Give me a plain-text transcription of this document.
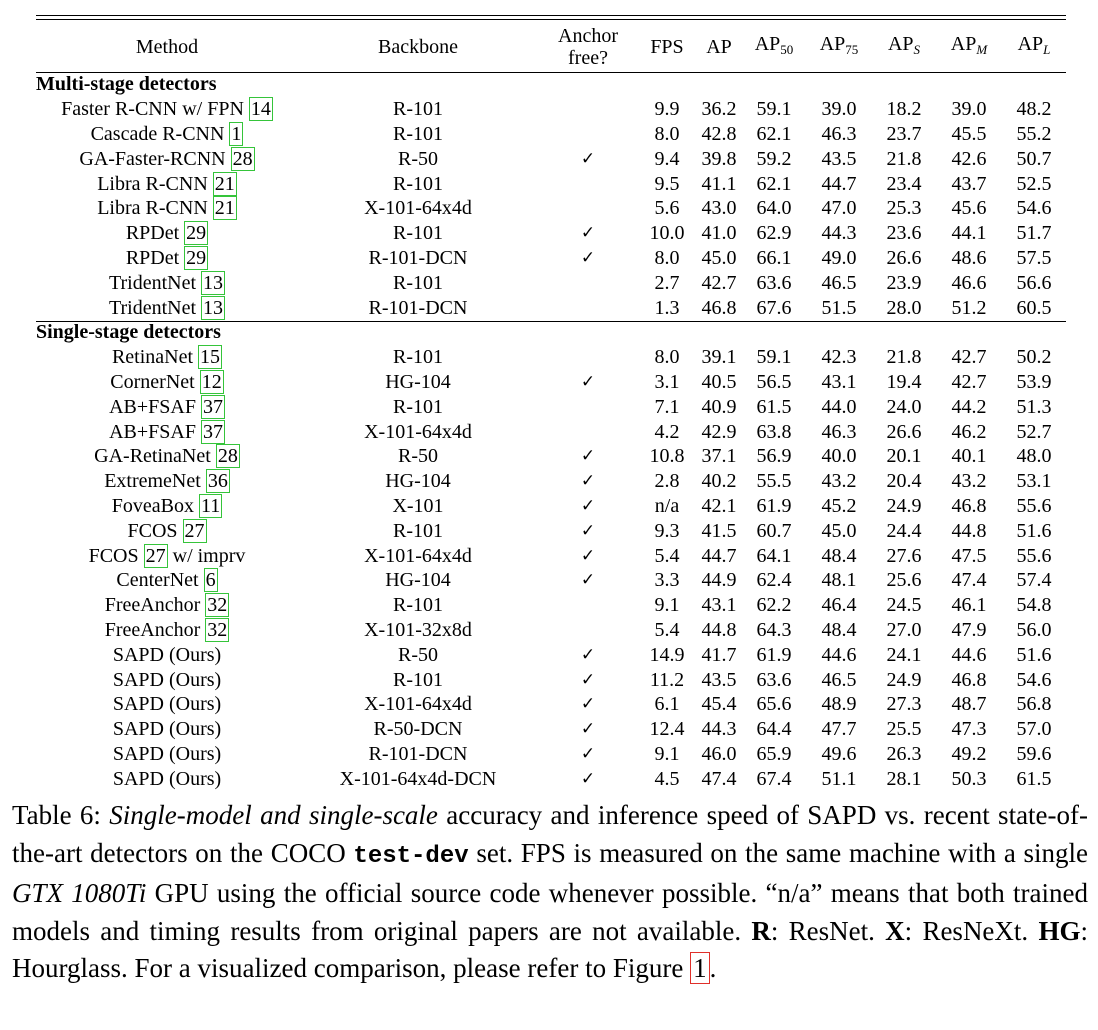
Method	Backbone	Anchor
free?	FPS	AP	$AP_{50}$	$AP_{75}$	$AP_S$	$AP_M$	$AP_L$
Multi-stage detectors									
Faster R-CNN w/ FPN 14	R-101		9.9	36.2	59.1	39.0	18.2	39.0	48.2
Cascade R-CNN 1	R-101		8.0	42.8	62.1	46.3	23.7	45.5	55.2
GA-Faster-RCNN 28	R-50	✓	9.4	39.8	59.2	43.5	21.8	42.6	50.7
Libra R-CNN 21	R-101		9.5	41.1	62.1	44.7	23.4	43.7	52.5
Libra R-CNN 21	X-101-64x4d		5.6	43.0	64.0	47.0	25.3	45.6	54.6
RPDet 29	R-101	✓	10.0	41.0	62.9	44.3	23.6	44.1	51.7
RPDet 29	R-101-DCN	✓	8.0	45.0	66.1	49.0	26.6	48.6	57.5
TridentNet 13	R-101		2.7	42.7	63.6	46.5	23.9	46.6	56.6
TridentNet 13	R-101-DCN		1.3	46.8	67.6	51.5	28.0	51.2	60.5
Single-stage detectors									
RetinaNet 15	R-101		8.0	39.1	59.1	42.3	21.8	42.7	50.2
CornerNet 12	HG-104	✓	3.1	40.5	56.5	43.1	19.4	42.7	53.9
AB+FSAF 37	R-101		7.1	40.9	61.5	44.0	24.0	44.2	51.3
AB+FSAF 37	X-101-64x4d		4.2	42.9	63.8	46.3	26.6	46.2	52.7
GA-RetinaNet 28	R-50	✓	10.8	37.1	56.9	40.0	20.1	40.1	48.0
ExtremeNet 36	HG-104	✓	2.8	40.2	55.5	43.2	20.4	43.2	53.1
FoveaBox 11	X-101	✓	n/a	42.1	61.9	45.2	24.9	46.8	55.6
FCOS 27	R-101	✓	9.3	41.5	60.7	45.0	24.4	44.8	51.6
FCOS 27 w/ imprv	X-101-64x4d	✓	5.4	44.7	64.1	48.4	27.6	47.5	55.6
CenterNet 6	HG-104	✓	3.3	44.9	62.4	48.1	25.6	47.4	57.4
FreeAnchor 32	R-101		9.1	43.1	62.2	46.4	24.5	46.1	54.8
FreeAnchor 32	X-101-32x8d		5.4	44.8	64.3	48.4	27.0	47.9	56.0
SAPD (Ours)	R-50	✓	14.9	41.7	61.9	44.6	24.1	44.6	51.6
SAPD (Ours)	R-101	✓	11.2	43.5	63.6	46.5	24.9	46.8	54.6
SAPD (Ours)	X-101-64x4d	✓	6.1	45.4	65.6	48.9	27.3	48.7	56.8
SAPD (Ours)	R-50-DCN	✓	12.4	44.3	64.4	47.7	25.5	47.3	57.0
SAPD (Ours)	R-101-DCN	✓	9.1	46.0	65.9	49.6	26.3	49.2	59.6
SAPD (Ours)	X-101-64x4d-DCN	✓	4.5	47.4	67.4	51.1	28.1	50.3	61.5
Table 6: Single-model and single-scale accuracy and inference speed of SAPD vs. recent state-of-the-art detectors on the COCO test-dev set. FPS is measured on the same machine with a single GTX 1080Ti GPU using the official source code whenever possible. “n/a” means that both trained models and timing results from original papers are not available. R: ResNet. X: ResNeXt. HG: Hourglass. For a visualized comparison, please refer to Figure 1 .
